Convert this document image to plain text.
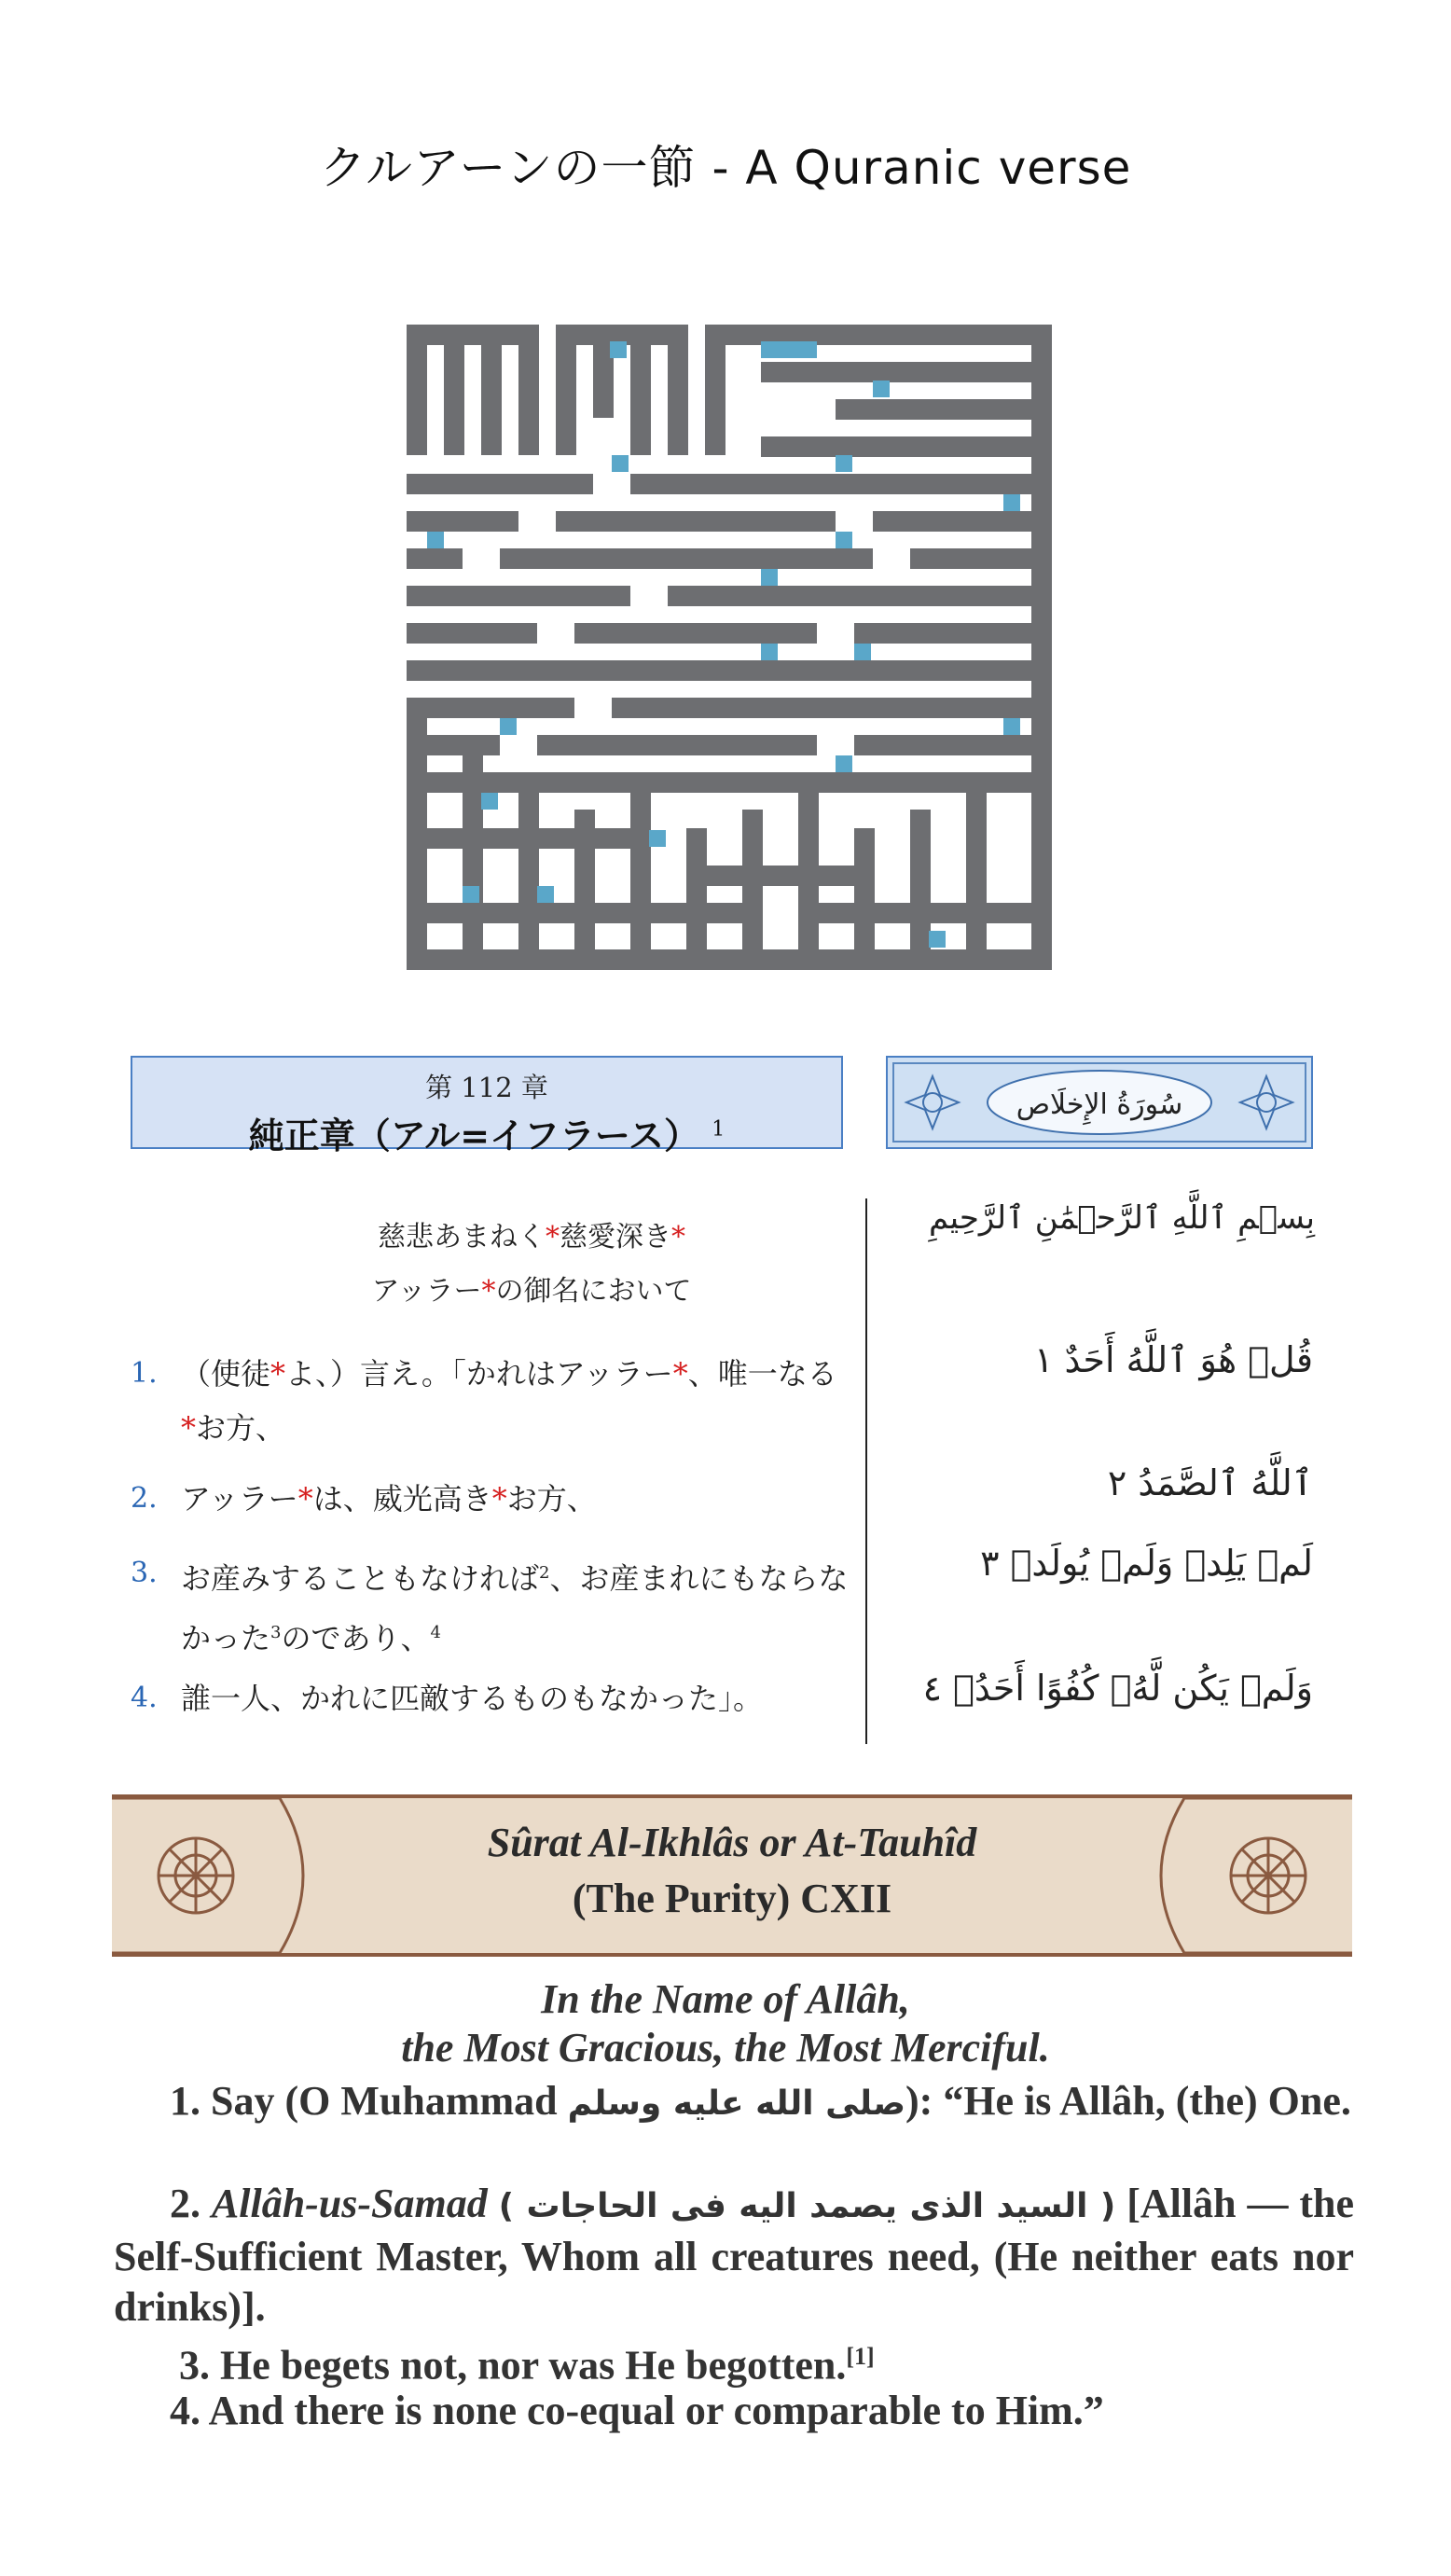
クルアーンの一節 - A Quranic verse
第 112 章
純正章（アル=イフラース） $^1$
سُورَةُ الإِخلَاص
慈悲あまねく*慈愛深き*
アッラー*の御名において
1. （使徒*よ、）言え。「かれはアッラー*、唯一なる*お方、
2. アッラー*は、威光高き*お方、
3. お産みすることもなければ$^2$、お産まれにもならなかった$^3$のであり、$^4$
4. 誰一人、かれに匹敵するものもなかった」。
بِسۡمِ ٱللَّهِ ٱلرَّحۡمَٰنِ ٱلرَّحِيمِ
قُلۡ هُوَ ٱللَّهُ أَحَدٌ ١
ٱللَّهُ ٱلصَّمَدُ ٢
لَمۡ يَلِدۡ وَلَمۡ يُولَدۡ ٣
وَلَمۡ يَكُن لَّهُۥ كُفُوًا أَحَدُۢ ٤
Sûrat Al-Ikhlâs or At-Tauhîd
(The Purity) CXII
In the Name of Allâh,
the Most Gracious, the Most Merciful.
1. Say (O Muhammad صلى الله عليه وسلم): “He is Allâh, (the) One.
2. Allâh-us-Samad ( السيد الذى يصمد اليه فى الحاجات ) [Allâh — the Self-Sufficient Master, Whom all creatures need, (He neither eats nor drinks)].
3. He begets not, nor was He begotten.[1]
4. And there is none co-equal or comparable to Him.”
